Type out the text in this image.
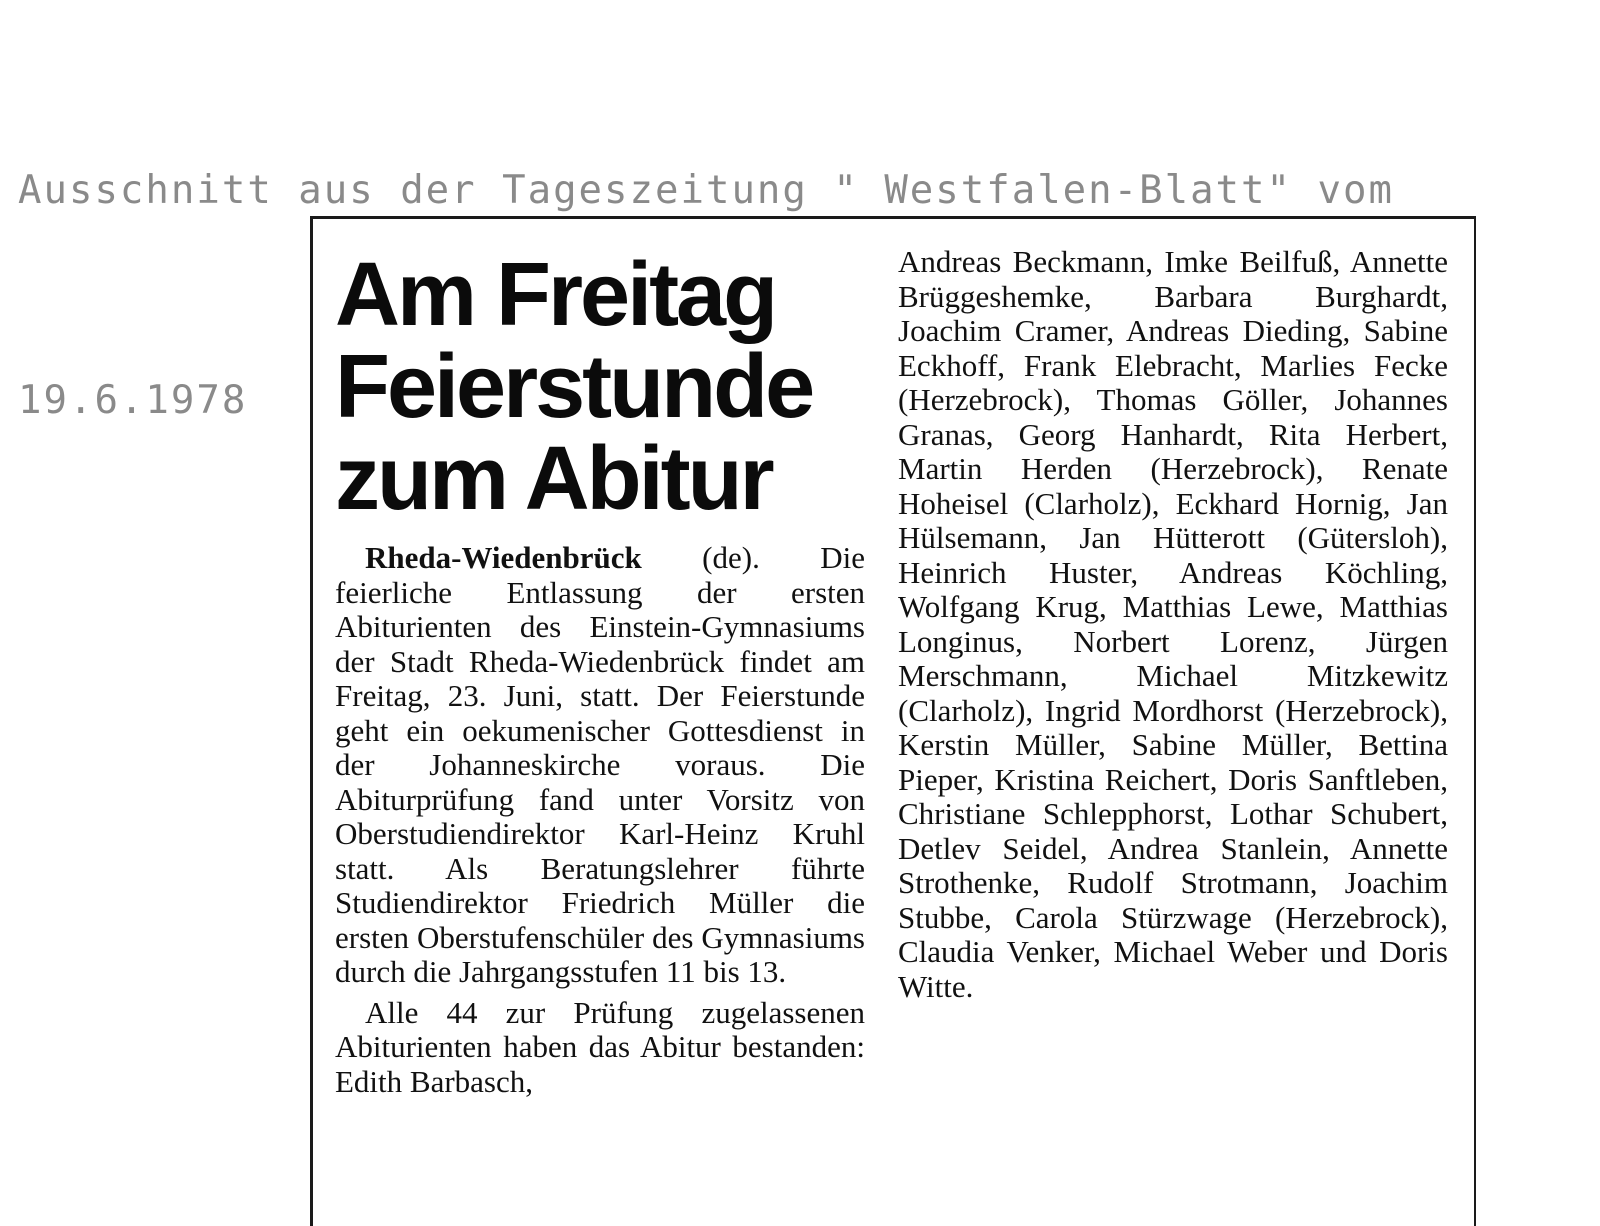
Ausschnitt aus der Tageszeitung " Westfalen-Blatt" vom

19.6.1978

Am Freitag
Feierstunde
zum Abitur

Rheda-Wiedenbrück (de). Die feierliche Entlassung der ersten Abiturienten des Einstein-Gymnasiums der Stadt Rheda-Wiedenbrück findet am Freitag, 23. Juni, statt. Der Feierstunde geht ein oekumenischer Gottesdienst in der Johanneskirche voraus. Die Abiturprüfung fand unter Vorsitz von Oberstudiendirektor Karl-Heinz Kruhl statt. Als Beratungslehrer führte Studiendirektor Friedrich Müller die ersten Oberstufenschüler des Gymnasiums durch die Jahrgangsstufen 11 bis 13.

Alle 44 zur Prüfung zugelassenen Abiturienten haben das Abitur bestanden: Edith Barbasch,

Andreas Beckmann, Imke Beilfuß, Annette Brüggeshemke, Barbara Burghardt, Joachim Cramer, Andreas Dieding, Sabine Eckhoff, Frank Elebracht, Marlies Fecke (Herzebrock), Thomas Göller, Johannes Granas, Georg Hanhardt, Rita Herbert, Martin Herden (Herzebrock), Renate Hoheisel (Clarholz), Eckhard Hornig, Jan Hülsemann, Jan Hütterott (Gütersloh), Heinrich Huster, Andreas Köchling, Wolfgang Krug, Matthias Lewe, Matthias Longinus, Norbert Lorenz, Jürgen Merschmann, Michael Mitzkewitz (Clarholz), Ingrid Mordhorst (Herzebrock), Kerstin Müller, Sabine Müller, Bettina Pieper, Kristina Reichert, Doris Sanftleben, Christiane Schlepphorst, Lothar Schubert, Detlev Seidel, Andrea Stanlein, Annette Strothenke, Rudolf Strotmann, Joachim Stubbe, Carola Stürzwage (Herzebrock), Claudia Venker, Michael Weber und Doris Witte.
